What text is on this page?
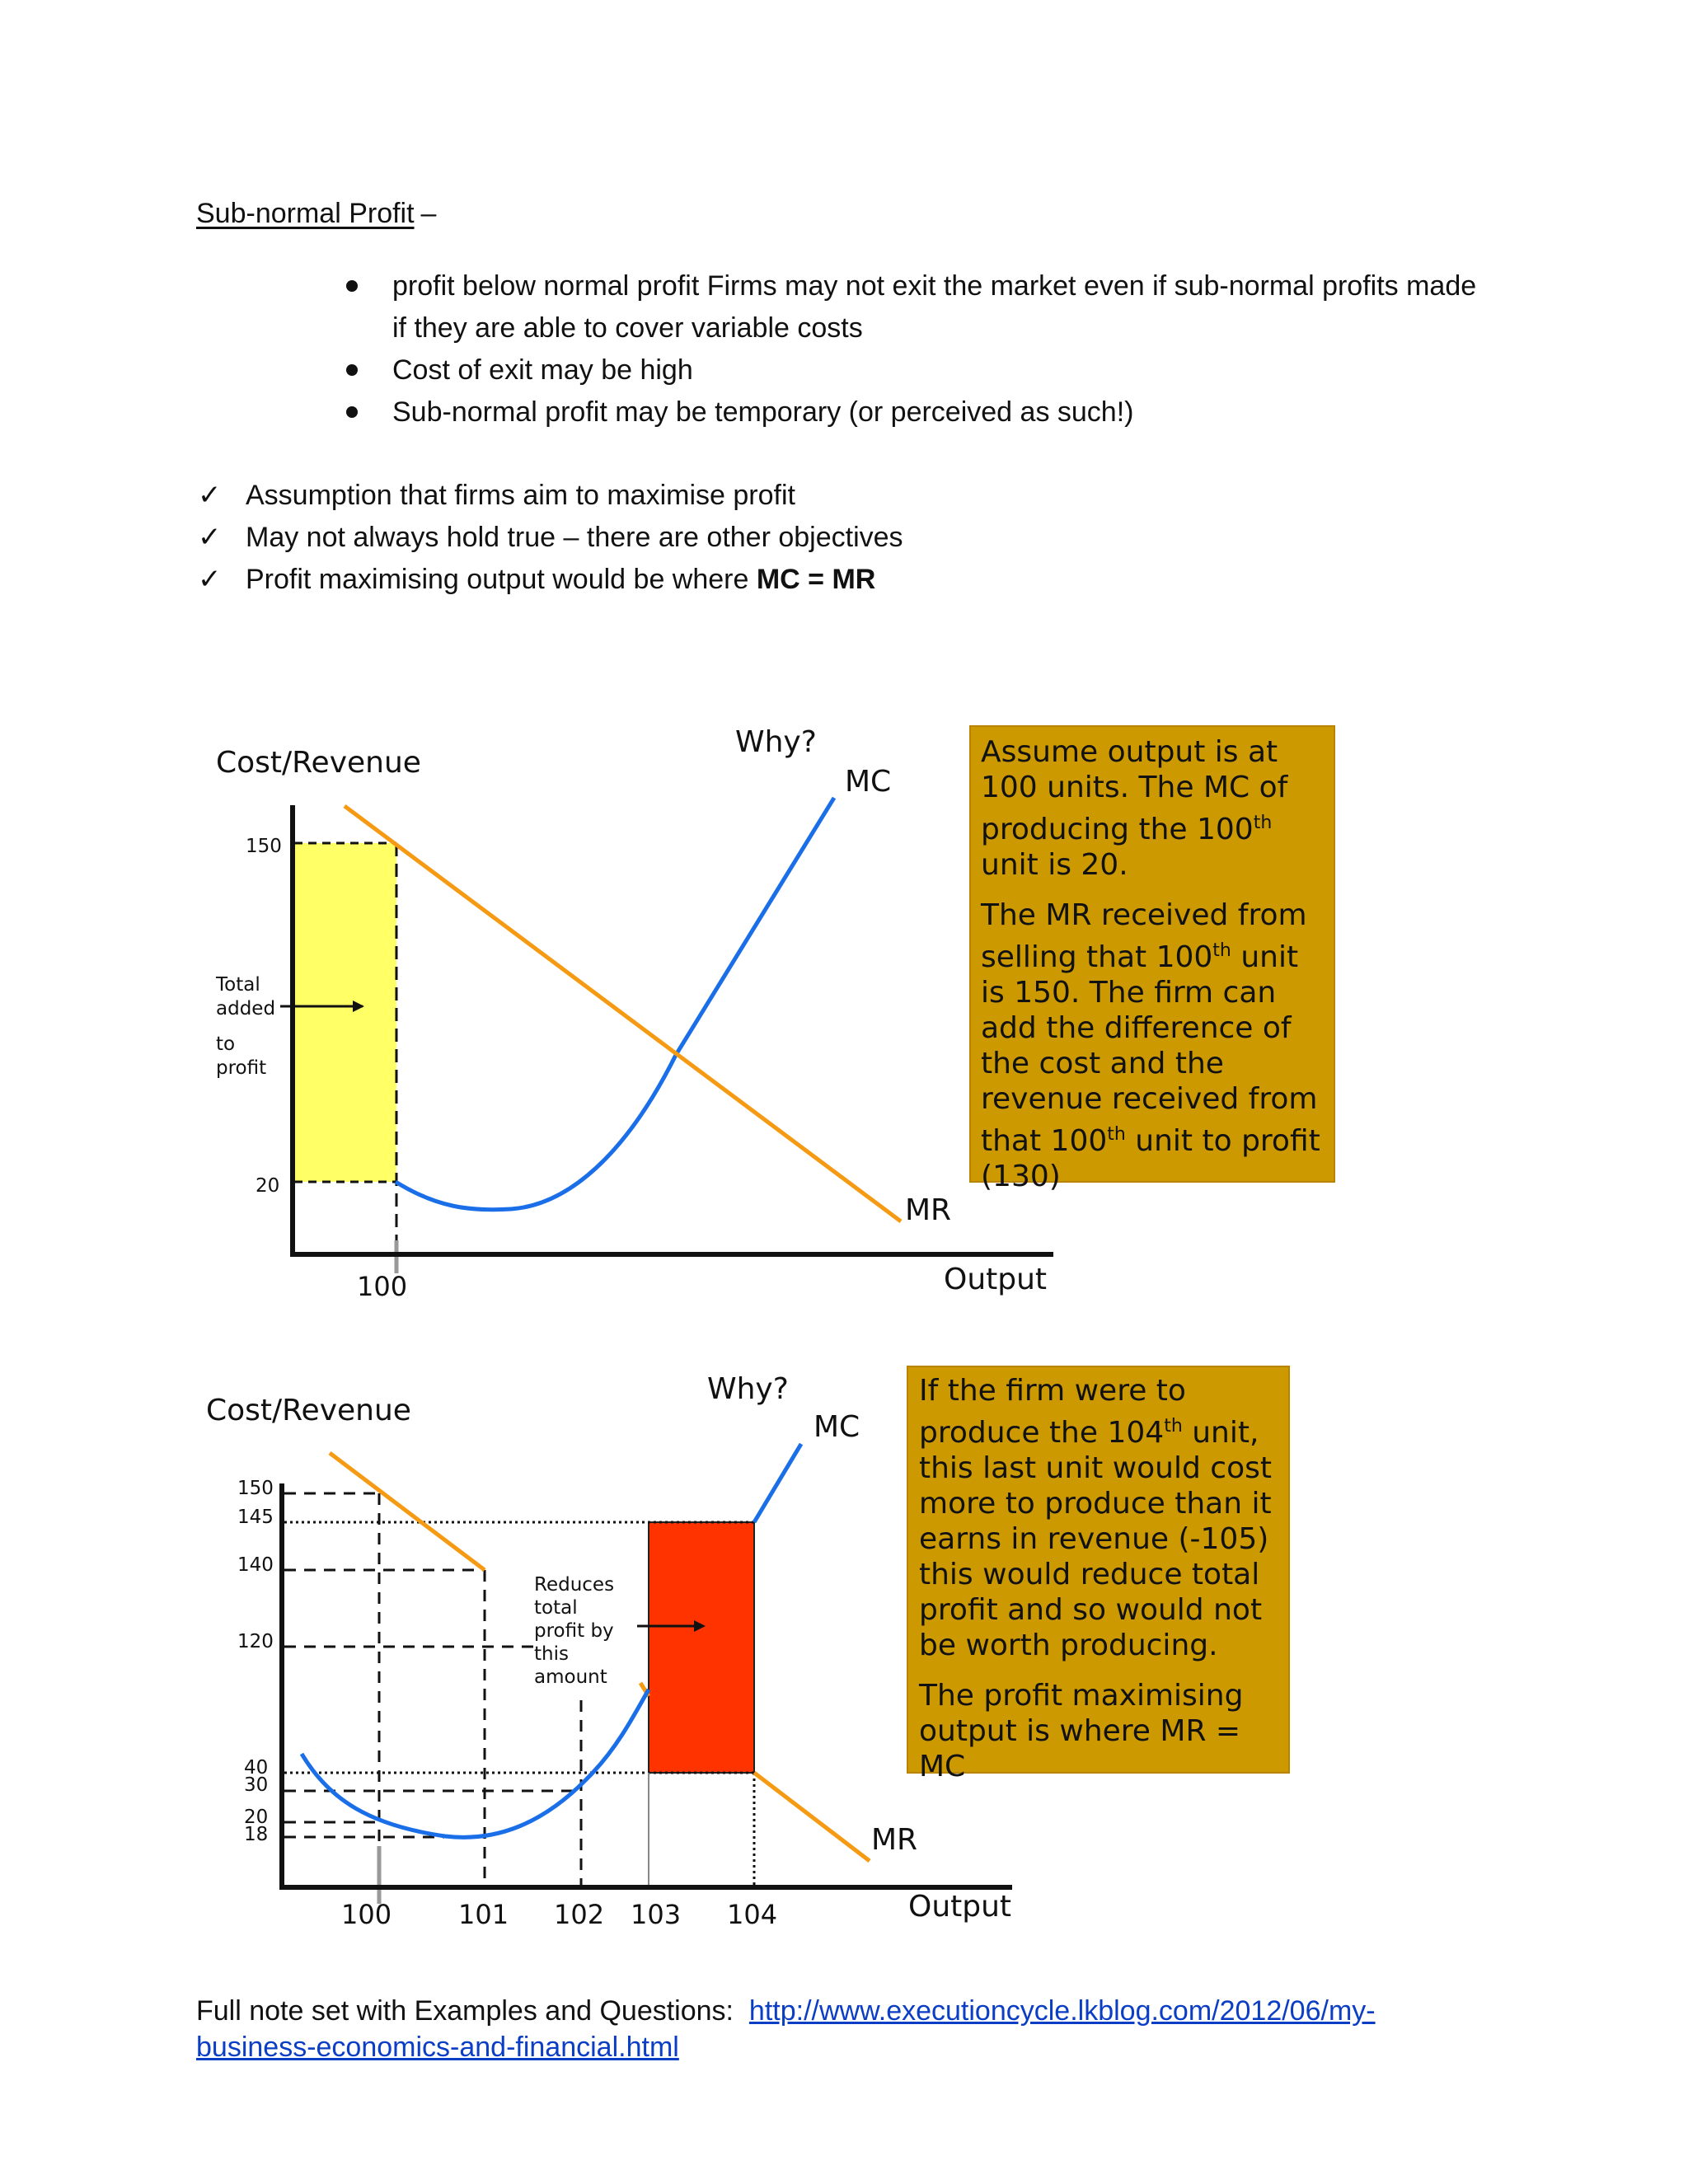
Sub-normal Profit –
profit below normal profit Firms may not exit the market even if sub-normal profits made if they are able to cover variable costs
Cost of exit may be high
Sub-normal profit may be temporary (or perceived as such!)
✓ Assumption that firms aim to maximise profit
✓ May not always hold true – there are other objectives
✓ Profit maximising output would be where MC = MR
Cost/Revenue
Why?
MC
MR
Output
150
20
100
Total
added
to
profit
Cost/Revenue
Why?
MC
MR
Output
150
145
140
120
40
30
20
18
100	101 102 103 104
Reduces
total
profit by
this
amount

Assume output is at 100 units. The MC of producing the 100th unit is 20.

The MR received from selling that 100th unit is 150. The firm can add the difference of the cost and the revenue received from that 100th unit to profit (130)

If the firm were to produce the 104th unit, this last unit would cost more to produce than it earns in revenue (-105) this would reduce total profit and so would not be worth producing.

The profit maximising output is where MR = MC

Full note set with Examples and Questions: http://www.executioncycle.lkblog.com/2012/06/my-business-economics-and-financial.html
